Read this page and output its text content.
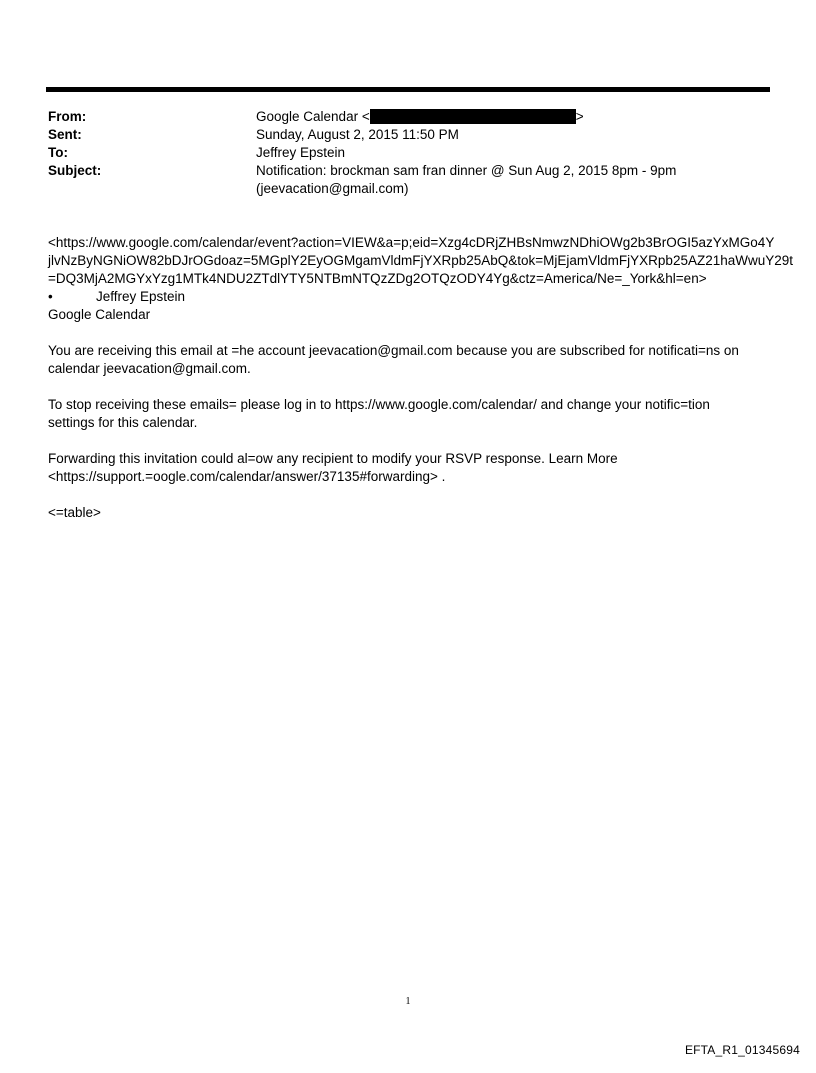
From:	Google Calendar <	>
Sent:	Sunday, August 2, 2015 11:50 PM
To:	Jeffrey Epstein
Subject:	Notification: brockman sam fran dinner @ Sun Aug 2, 2015 8pm - 9pm
(jeevacation@gmail.com)

<https://www.google.com/calendar/event?action=VIEW&a=p;eid=Xzg4cDRjZHBsNmwzNDhiOWg2b3BrOGI5azYxMGo4Y

jlvNzByNGNiOW82bDJrOGdoaz=5MGplY2EyOGMgamVldmFjYXRpb25AbQ&tok=MjEjamVldmFjYXRpb25AZ21haWwuY29t

=DQ3MjA2MGYxYzg1MTk4NDU2ZTdlYTY5NTBmNTQzZDg2OTQzODY4Yg&ctz=America/Ne=_York&hl=en>

•	Jeffrey Epstein

Google Calendar

You are receiving this email at =he account jeevacation@gmail.com because you are subscribed for notificati=ns on

calendar jeevacation@gmail.com.

To stop receiving these emails= please log in to https://www.google.com/calendar/ and change your notific=tion

settings for this calendar.

Forwarding this invitation could al=ow any recipient to modify your RSVP response. Learn More

<https://support.=oogle.com/calendar/answer/37135#forwarding> .

<=table>

1
EFTA_R1_01345694
